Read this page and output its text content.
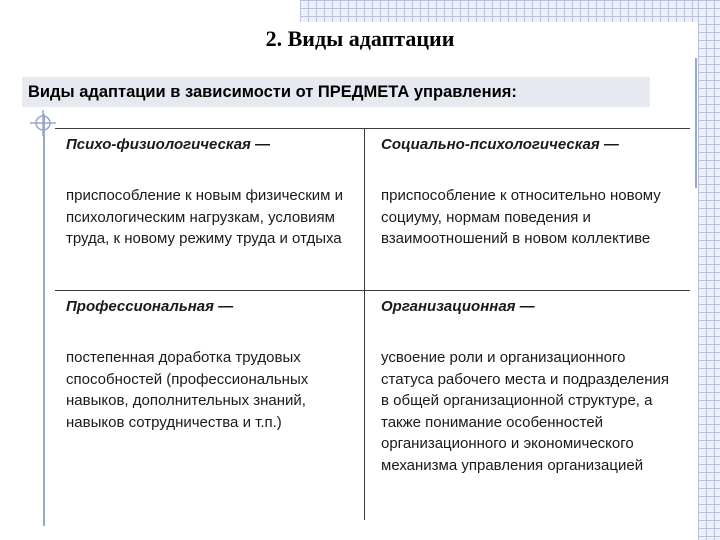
2. Виды адаптации
Виды адаптации в зависимости от ПРЕДМЕТА управления:
Психо-физиологическая —	Социально-психологическая —
приспособление к новым физическим и психологическим нагрузкам, условиям труда, к новому режиму труда и отдыха
приспособление к относительно новому социуму, нормам поведения и взаимоотношений в новом коллективе
Профессиональная —	Организационная —
постепенная доработка трудовых способностей (профессиональных навыков, дополнительных знаний, навыков сотрудничества и т.п.)
усвоение роли и организационного статуса рабочего места и подразделения в общей организационной структуре, а также понимание особенностей организационного и экономического механизма управления организацией
